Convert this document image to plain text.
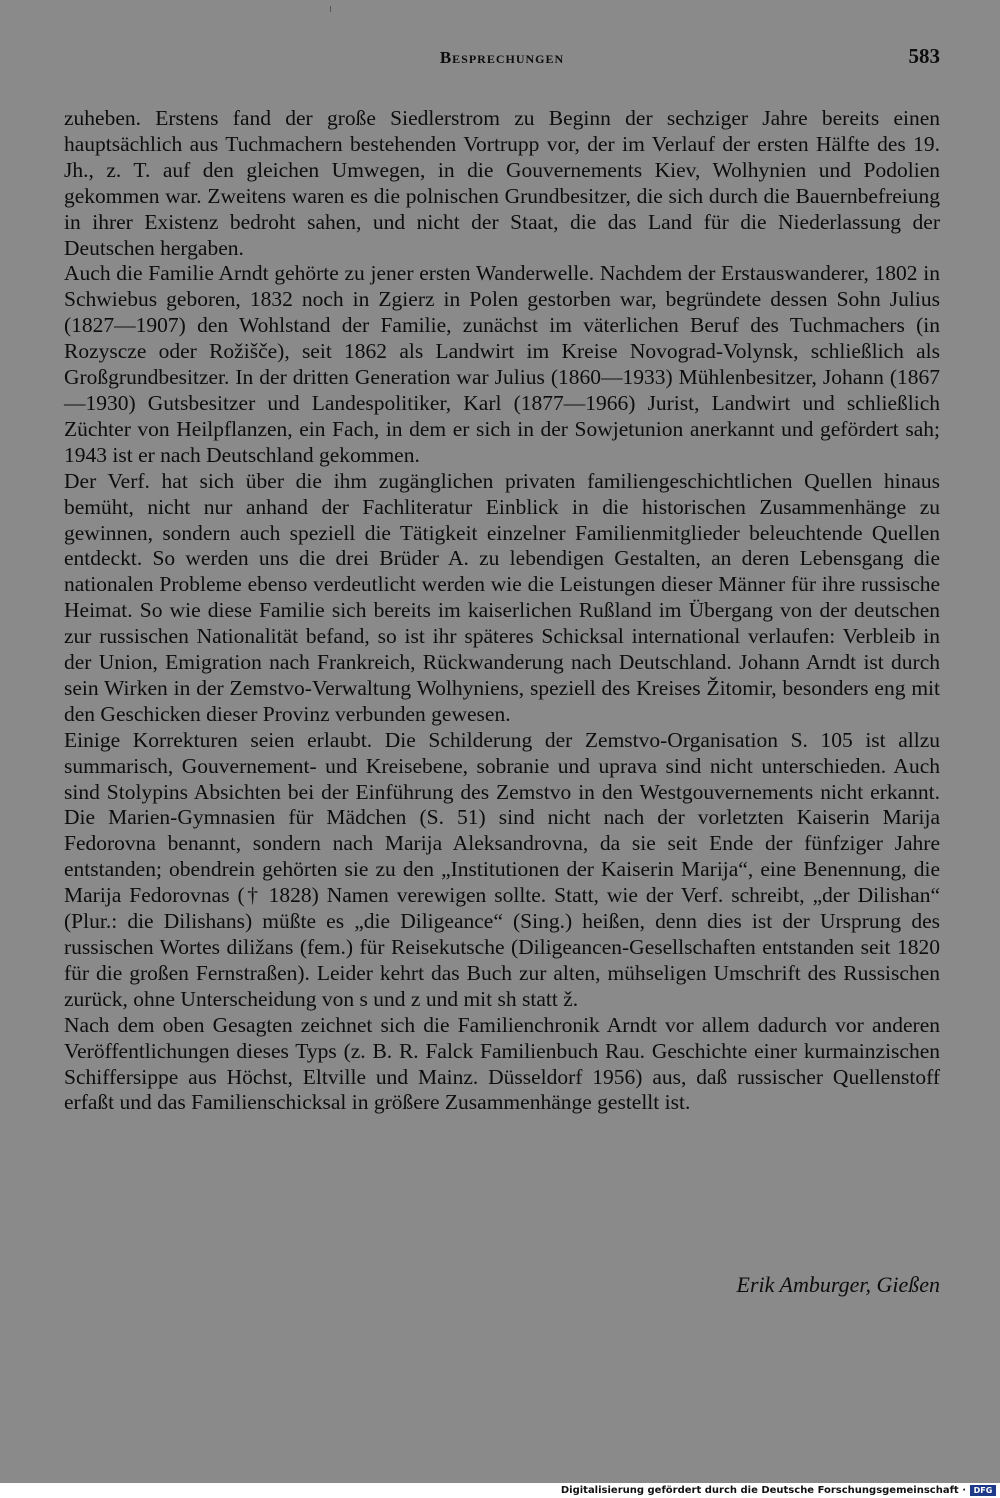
Besprechungen	583

zuheben. Erstens fand der große Siedlerstrom zu Beginn der sechziger Jahre bereits einen hauptsächlich aus Tuchmachern bestehenden Vortrupp vor, der im Verlauf der ersten Hälfte des 19. Jh., z. T. auf den gleichen Umwegen, in die Gouvernements Kiev, Wolhynien und Podolien gekommen war. Zweitens waren es die polnischen Grundbesitzer, die sich durch die Bauernbefreiung in ihrer Existenz bedroht sahen, und nicht der Staat, die das Land für die Niederlassung der Deutschen hergaben.

Auch die Familie Arndt gehörte zu jener ersten Wanderwelle. Nachdem der Erstauswanderer, 1802 in Schwiebus geboren, 1832 noch in Zgierz in Polen gestorben war, begründete dessen Sohn Julius (1827—1907) den Wohlstand der Familie, zunächst im väterlichen Beruf des Tuchmachers (in Rozyscze oder Rožišče), seit 1862 als Landwirt im Kreise Novograd-Volynsk, schließlich als Großgrundbesitzer. In der dritten Generation war Julius (1860—1933) Mühlenbesitzer, Johann (1867—1930) Gutsbesitzer und Landespolitiker, Karl (1877—1966) Jurist, Landwirt und schließlich Züchter von Heilpflanzen, ein Fach, in dem er sich in der Sowjetunion anerkannt und gefördert sah; 1943 ist er nach Deutschland gekommen.

Der Verf. hat sich über die ihm zugänglichen privaten familiengeschichtlichen Quellen hinaus bemüht, nicht nur anhand der Fachliteratur Einblick in die historischen Zusammenhänge zu gewinnen, sondern auch speziell die Tätigkeit einzelner Familienmitglieder beleuchtende Quellen entdeckt. So werden uns die drei Brüder A. zu lebendigen Gestalten, an deren Lebensgang die nationalen Probleme ebenso verdeutlicht werden wie die Leistungen dieser Männer für ihre russische Heimat. So wie diese Familie sich bereits im kaiserlichen Rußland im Übergang von der deutschen zur russischen Nationalität befand, so ist ihr späteres Schicksal international verlaufen: Verbleib in der Union, Emigration nach Frankreich, Rückwanderung nach Deutschland. Johann Arndt ist durch sein Wirken in der Zemstvo-Verwaltung Wolhyniens, speziell des Kreises Žitomir, besonders eng mit den Geschicken dieser Provinz verbunden gewesen.

Einige Korrekturen seien erlaubt. Die Schilderung der Zemstvo-Organisation S. 105 ist allzu summarisch, Gouvernement- und Kreisebene, sobranie und uprava sind nicht unterschieden. Auch sind Stolypins Absichten bei der Einführung des Zemstvo in den Westgouvernements nicht erkannt. Die Marien-Gymnasien für Mädchen (S. 51) sind nicht nach der vorletzten Kaiserin Marija Fedorovna benannt, sondern nach Marija Aleksandrovna, da sie seit Ende der fünfziger Jahre entstanden; obendrein gehörten sie zu den „Institutionen der Kaiserin Marija“, eine Benennung, die Marija Fedorovnas († 1828) Namen verewigen sollte. Statt, wie der Verf. schreibt, „der Dilishan“ (Plur.: die Dilishans) müßte es „die Diligeance“ (Sing.) heißen, denn dies ist der Ursprung des russischen Wortes diližans (fem.) für Reisekutsche (Diligeancen-Gesellschaften entstanden seit 1820 für die großen Fernstraßen). Leider kehrt das Buch zur alten, mühseligen Umschrift des Russischen zurück, ohne Unterscheidung von s und z und mit sh statt ž.

Nach dem oben Gesagten zeichnet sich die Familienchronik Arndt vor allem dadurch vor anderen Veröffentlichungen dieses Typs (z. B. R. Falck Familienbuch Rau. Geschichte einer kurmainzischen Schiffersippe aus Höchst, Eltville und Mainz. Düsseldorf 1956) aus, daß russischer Quellenstoff erfaßt und das Familienschicksal in größere Zusammenhänge gestellt ist.

Erik Amburger, Gießen
Digitalisierung gefördert durch die Deutsche Forschungsgemeinschaft · DFG
